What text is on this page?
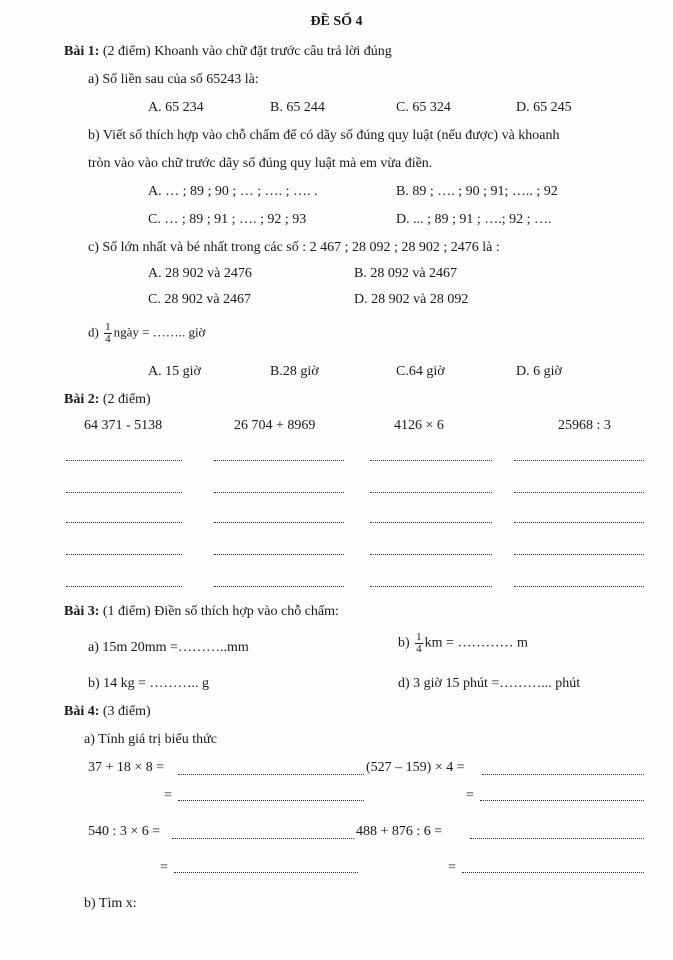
ĐỀ SỐ 4
Bài 1: (2 điểm) Khoanh vào chữ đặt trước câu trả lời đúng
a) Số liền sau của số 65243 là:
A. 65 234	B. 65 244	C. 65 324	D. 65 245
b) Viết số thích hợp vào chỗ chấm để có dãy số đúng quy luật (nếu được) và khoanh
tròn vào vào chữ trước dãy số đúng quy luật mà em vừa điền.
A. … ; 89 ; 90 ; … ; …. ; …. .	B. 89 ; …. ; 90 ; 91; ….. ; 92
C. … ; 89 ; 91 ; …. ; 92 ; 93	D. ... ; 89 ; 91 ; ….; 92 ; ….
c) Số lớn nhất và bé nhất trong các số : 2 467 ; 28 092 ; 28 902 ; 2476 là :
A. 28 902 và 2476	B. 28 092 và 2467
C. 28 902 và 2467	D. 28 902 và 28 092
$d) \frac{1}{4}$ ngày = …….. giờ
A. 15 giờ	B.28 giờ	C.64 giờ	D. 6 giờ
Bài 2: (2 điểm)
64 371 - 5138	26 704 + 8969	4126 × 6	25968 : 3
Bài 3: (1 điểm) Điền số thích hợp vào chỗ chấm:
a) 15m 20mm =………..mm	$b) \frac{1}{4}$ km = ………… m
b) 14 kg = ……….. g	d) 3 giờ 15 phút =………... phút
Bài 4: (3 điểm)
a) Tính giá trị biểu thức
37 + 18 × 8 =	(527 – 159) × 4 =
=	=
540 : 3 × 6 =	488 + 876 : 6 =
=	=
b) Tìm x:
